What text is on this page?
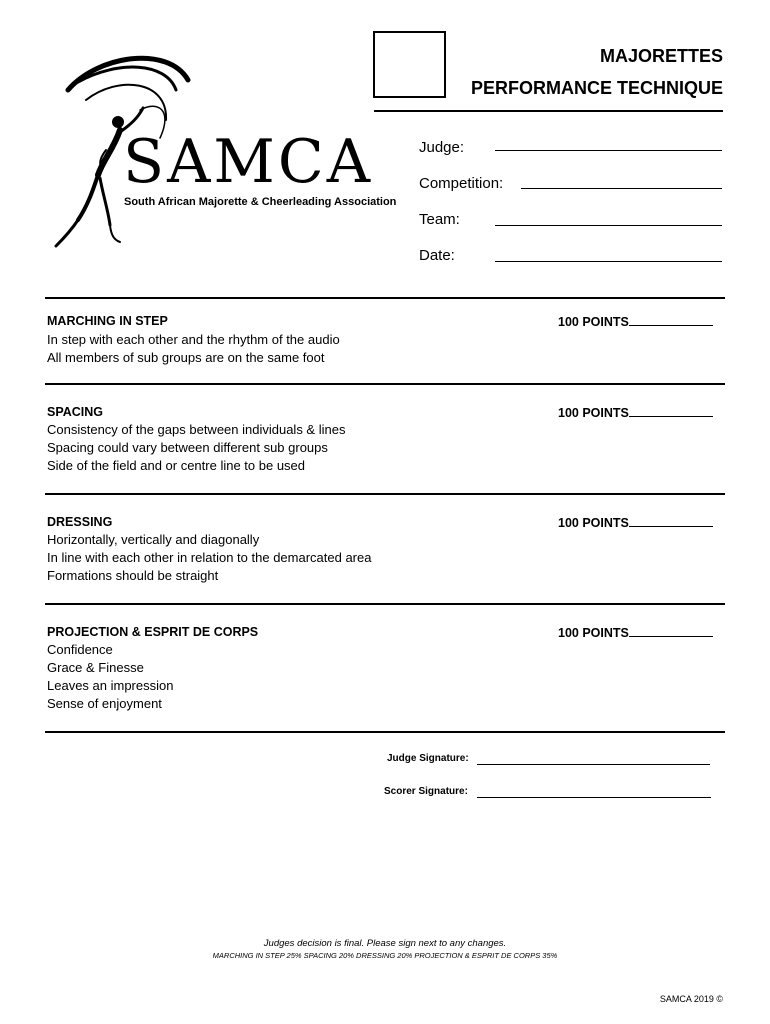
SAMCA
South African Majorette & Cheerleading Association
MAJORETTES
PERFORMANCE TECHNIQUE
Judge:
Competition:
Team:
Date:
MARCHING IN STEP	100 POINTS
In step with each other and the rhythm of the audio
All members of sub groups are on the same foot
SPACING	100 POINTS
Consistency of the gaps between individuals & lines
Spacing could vary between different sub groups
Side of the field and or centre line to be used
DRESSING	100 POINTS
Horizontally, vertically and diagonally
In line with each other in relation to the demarcated area
Formations should be straight
PROJECTION & ESPRIT DE CORPS	100 POINTS
Confidence
Grace & Finesse
Leaves an impression
Sense of enjoyment
Judge Signature:
Scorer Signature:
Judges decision is final. Please sign next to any changes.
MARCHING IN STEP 25% SPACING 20% DRESSING 20% PROJECTION & ESPRIT DE CORPS 35%
SAMCA 2019 ©
